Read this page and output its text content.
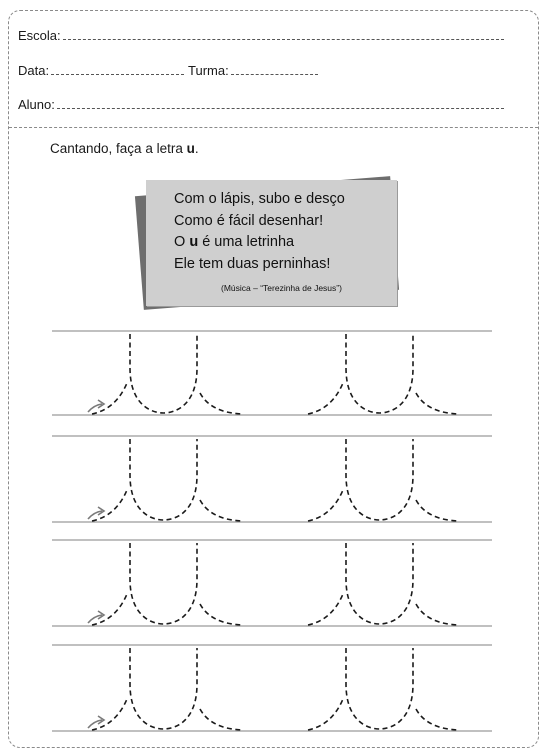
Escola:
Data:	Turma:
Aluno:
Cantando, faça a letra u.
Com o lápis, subo e desço
Como é fácil desenhar!
O u é uma letrinha
Ele tem duas perninhas!
(Música – “Terezinha de Jesus”)
